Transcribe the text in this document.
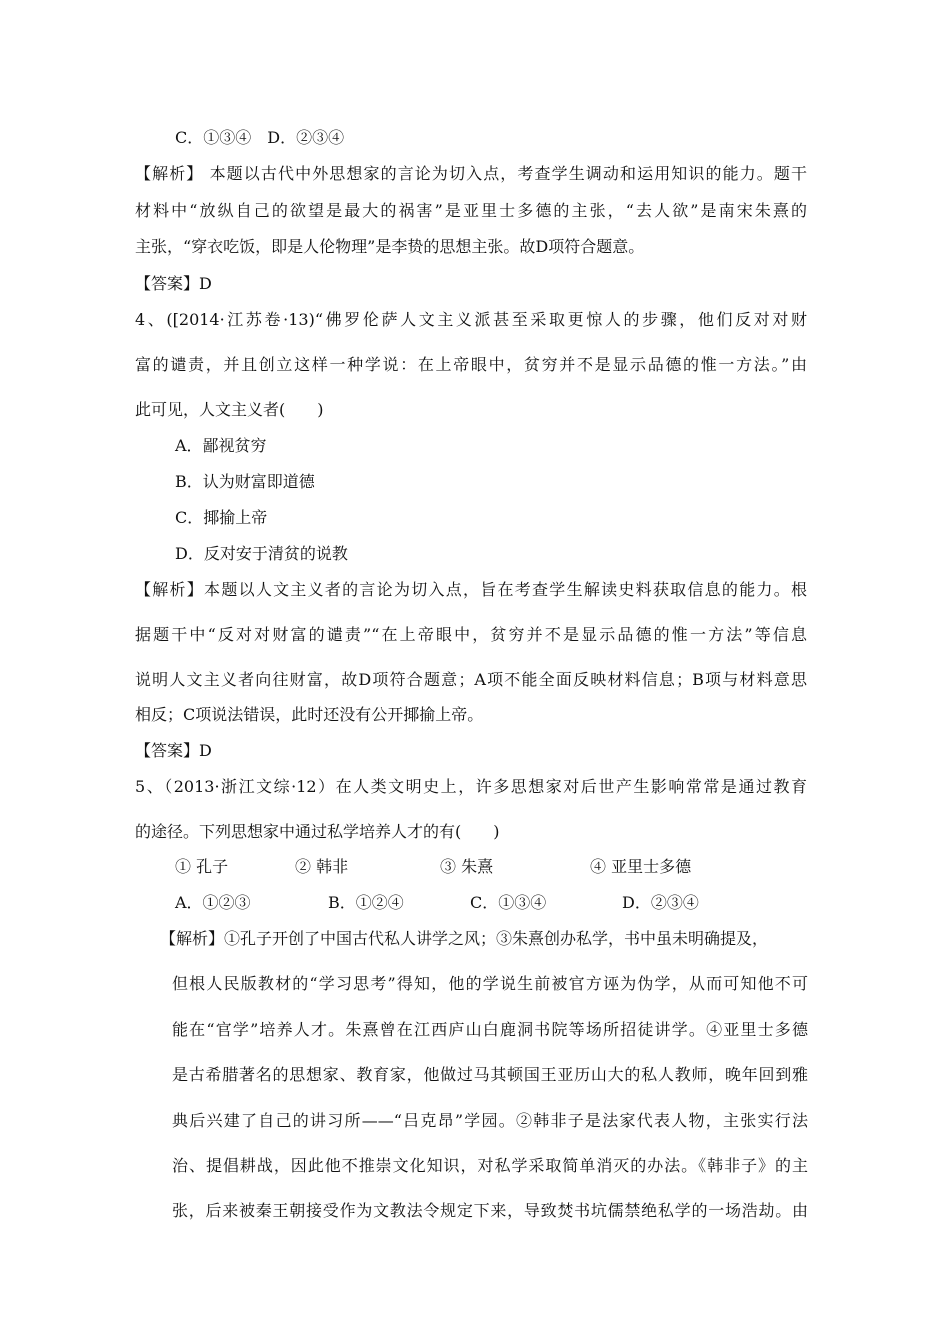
C．①③④　D．②③④
【解析】 本题以古代中外思想家的言论为切入点，考查学生调动和运用知识的能力。题干
材料中“放纵自己的欲望是最大的祸害”是亚里士多德的主张，“去人欲”是南宋朱熹的
主张，“穿衣吃饭，即是人伦物理”是李贽的思想主张。故D项符合题意。
【答案】D
4、([2014·江苏卷·13)“佛罗伦萨人文主义派甚至采取更惊人的步骤，他们反对对财
富的谴责，并且创立这样一种学说：在上帝眼中，贫穷并不是显示品德的惟一方法。”由
此可见，人文主义者(　　)
A．鄙视贫穷
B．认为财富即道德
C．揶揄上帝
D．反对安于清贫的说教
【解析】本题以人文主义者的言论为切入点，旨在考查学生解读史料获取信息的能力。根
据题干中“反对对财富的谴责”“在上帝眼中，贫穷并不是显示品德的惟一方法”等信息
说明人文主义者向往财富，故D项符合题意；A项不能全面反映材料信息；B项与材料意思
相反；C项说法错误，此时还没有公开揶揄上帝。
【答案】D
5、（2013·浙江文综·12）在人类文明史上，许多思想家对后世产生影响常常是通过教育
的途径。下列思想家中通过私学培养人才的有(　　)
① 孔子	② 韩非	③ 朱熹	④ 亚里士多德
A．①②③	B．①②④	C．①③④	D．②③④
【解析】①孔子开创了中国古代私人讲学之风；③朱熹创办私学，书中虽未明确提及，
但根人民版教材的“学习思考”得知，他的学说生前被官方诬为伪学，从而可知他不可
能在“官学”培养人才。朱熹曾在江西庐山白鹿洞书院等场所招徒讲学。④亚里士多德
是古希腊著名的思想家、教育家，他做过马其顿国王亚历山大的私人教师，晚年回到雅
典后兴建了自己的讲习所——“吕克昂”学园。②韩非子是法家代表人物，主张实行法
治、提倡耕战，因此他不推崇文化知识，对私学采取简单消灭的办法。《韩非子》的主
张，后来被秦王朝接受作为文教法令规定下来，导致焚书坑儒禁绝私学的一场浩劫。由
